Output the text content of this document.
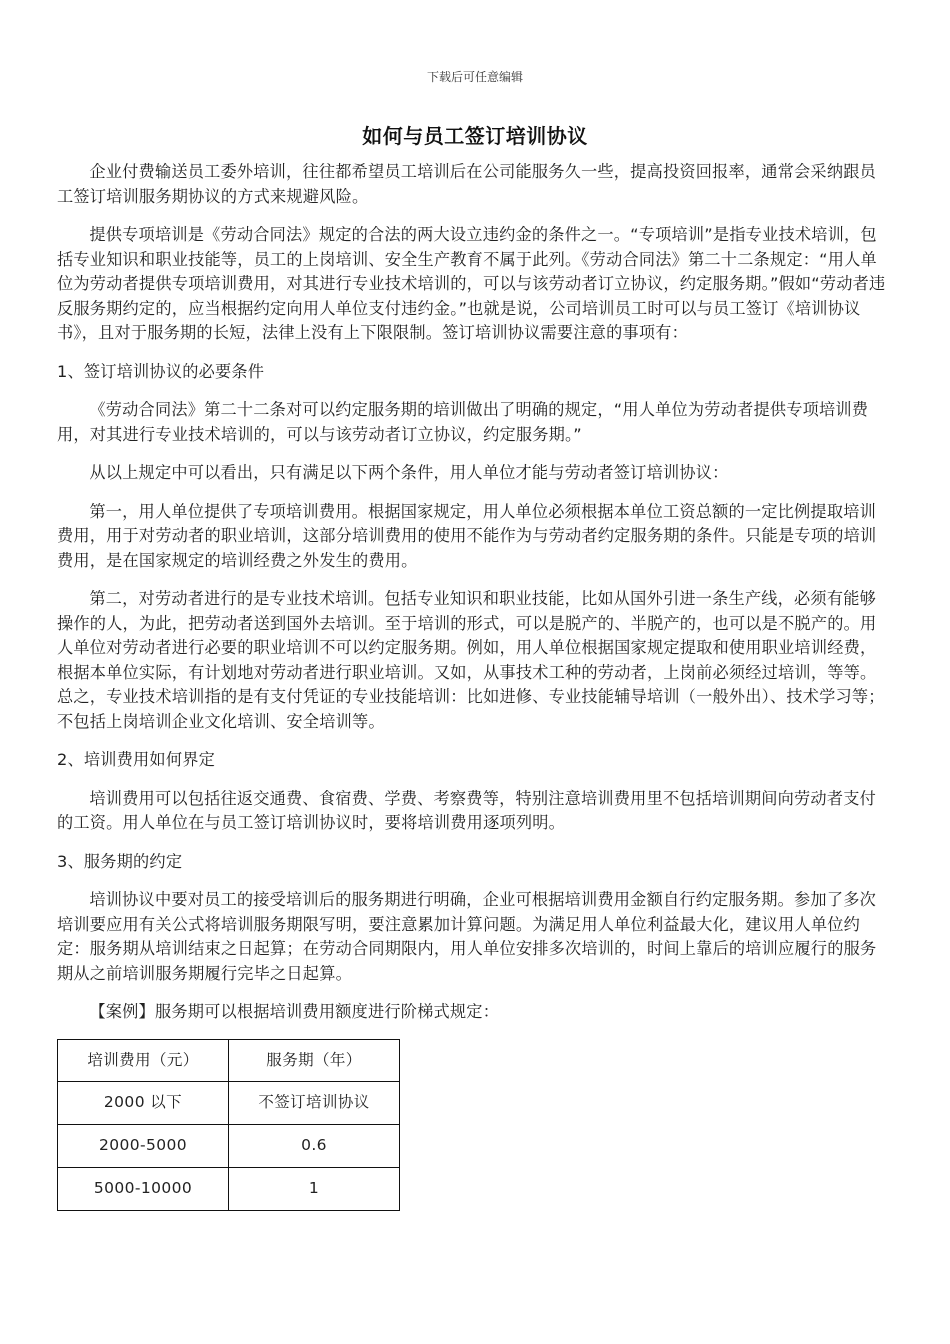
下载后可任意编辑
如何与员工签订培训协议

企业付费输送员工委外培训，往往都希望员工培训后在公司能服务久一些，提高投资回报率，通常会采纳跟员工签订培训服务期协议的方式来规避风险。

提供专项培训是《劳动合同法》规定的合法的两大设立违约金的条件之一。“专项培训”是指专业技术培训，包括专业知识和职业技能等，员工的上岗培训、安全生产教育不属于此列。《劳动合同法》第二十二条规定：“用人单位为劳动者提供专项培训费用，对其进行专业技术培训的，可以与该劳动者订立协议，约定服务期。”假如“劳动者违反服务期约定的，应当根据约定向用人单位支付违约金。”也就是说，公司培训员工时可以与员工签订《培训协议书》，且对于服务期的长短，法律上没有上下限限制。签订培训协议需要注意的事项有：

1、签订培训协议的必要条件

《劳动合同法》第二十二条对可以约定服务期的培训做出了明确的规定，“用人单位为劳动者提供专项培训费用，对其进行专业技术培训的，可以与该劳动者订立协议，约定服务期。”

从以上规定中可以看出，只有满足以下两个条件，用人单位才能与劳动者签订培训协议：

第一，用人单位提供了专项培训费用。根据国家规定，用人单位必须根据本单位工资总额的一定比例提取培训费用，用于对劳动者的职业培训，这部分培训费用的使用不能作为与劳动者约定服务期的条件。只能是专项的培训费用，是在国家规定的培训经费之外发生的费用。

第二，对劳动者进行的是专业技术培训。包括专业知识和职业技能，比如从国外引进一条生产线，必须有能够操作的人，为此，把劳动者送到国外去培训。至于培训的形式，可以是脱产的、半脱产的，也可以是不脱产的。用人单位对劳动者进行必要的职业培训不可以约定服务期。例如，用人单位根据国家规定提取和使用职业培训经费，根据本单位实际，有计划地对劳动者进行职业培训。又如，从事技术工种的劳动者，上岗前必须经过培训，等等。总之，专业技术培训指的是有支付凭证的专业技能培训：比如进修、专业技能辅导培训（一般外出）、技术学习等；不包括上岗培训企业文化培训、安全培训等。

2、培训费用如何界定

培训费用可以包括往返交通费、食宿费、学费、考察费等，特别注意培训费用里不包括培训期间向劳动者支付的工资。用人单位在与员工签订培训协议时，要将培训费用逐项列明。

3、服务期的约定

培训协议中要对员工的接受培训后的服务期进行明确，企业可根据培训费用金额自行约定服务期。参加了多次培训要应用有关公式将培训服务期限写明，要注意累加计算问题。为满足用人单位利益最大化，建议用人单位约定：服务期从培训结束之日起算；在劳动合同期限内，用人单位安排多次培训的，时间上靠后的培训应履行的服务期从之前培训服务期履行完毕之日起算。

【案例】服务期可以根据培训费用额度进行阶梯式规定：

培训费用（元）	服务期（年）
2000 以下	不签订培训协议
2000-5000	0.6
5000-10000	1
